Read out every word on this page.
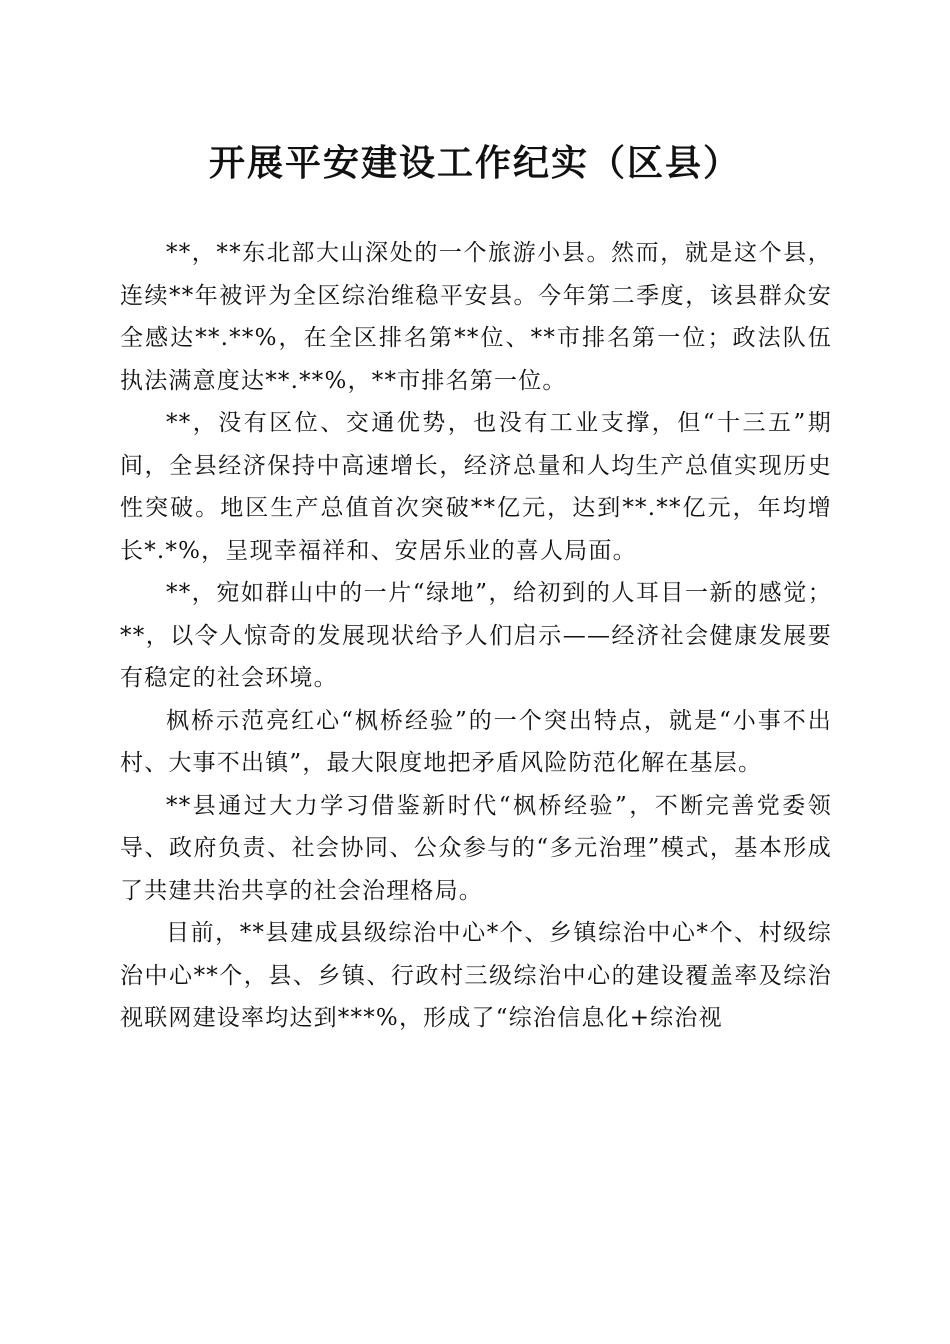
开展平安建设工作纪实（区县）

**，**东北部大山深处的一个旅游小县。然而，就是这个县，连续**年被评为全区综治维稳平安县。今年第二季度，该县群众安全感达**.**%，在全区排名第**位、**市排名第一位；政法队伍执法满意度达**.**%，**市排名第一位。

**，没有区位、交通优势，也没有工业支撑，但“十三五”期间，全县经济保持中高速增长，经济总量和人均生产总值实现历史性突破。地区生产总值首次突破**亿元，达到**.**亿元，年均增长*.*%，呈现幸福祥和、安居乐业的喜人局面。

**，宛如群山中的一片“绿地”，给初到的人耳目一新的感觉；**，以令人惊奇的发展现状给予人们启示——经济社会健康发展要有稳定的社会环境。

枫桥示范亮红心“枫桥经验”的一个突出特点，就是“小事不出村、大事不出镇”，最大限度地把矛盾风险防范化解在基层。

**县通过大力学习借鉴新时代“枫桥经验”，不断完善党委领导、政府负责、社会协同、公众参与的“多元治理”模式，基本形成了共建共治共享的社会治理格局。

目前，**县建成县级综治中心*个、乡镇综治中心*个、村级综治中心**个，县、乡镇、行政村三级综治中心的建设覆盖率及综治视联网建设率均达到***%，形成了“综治信息化+综治视
